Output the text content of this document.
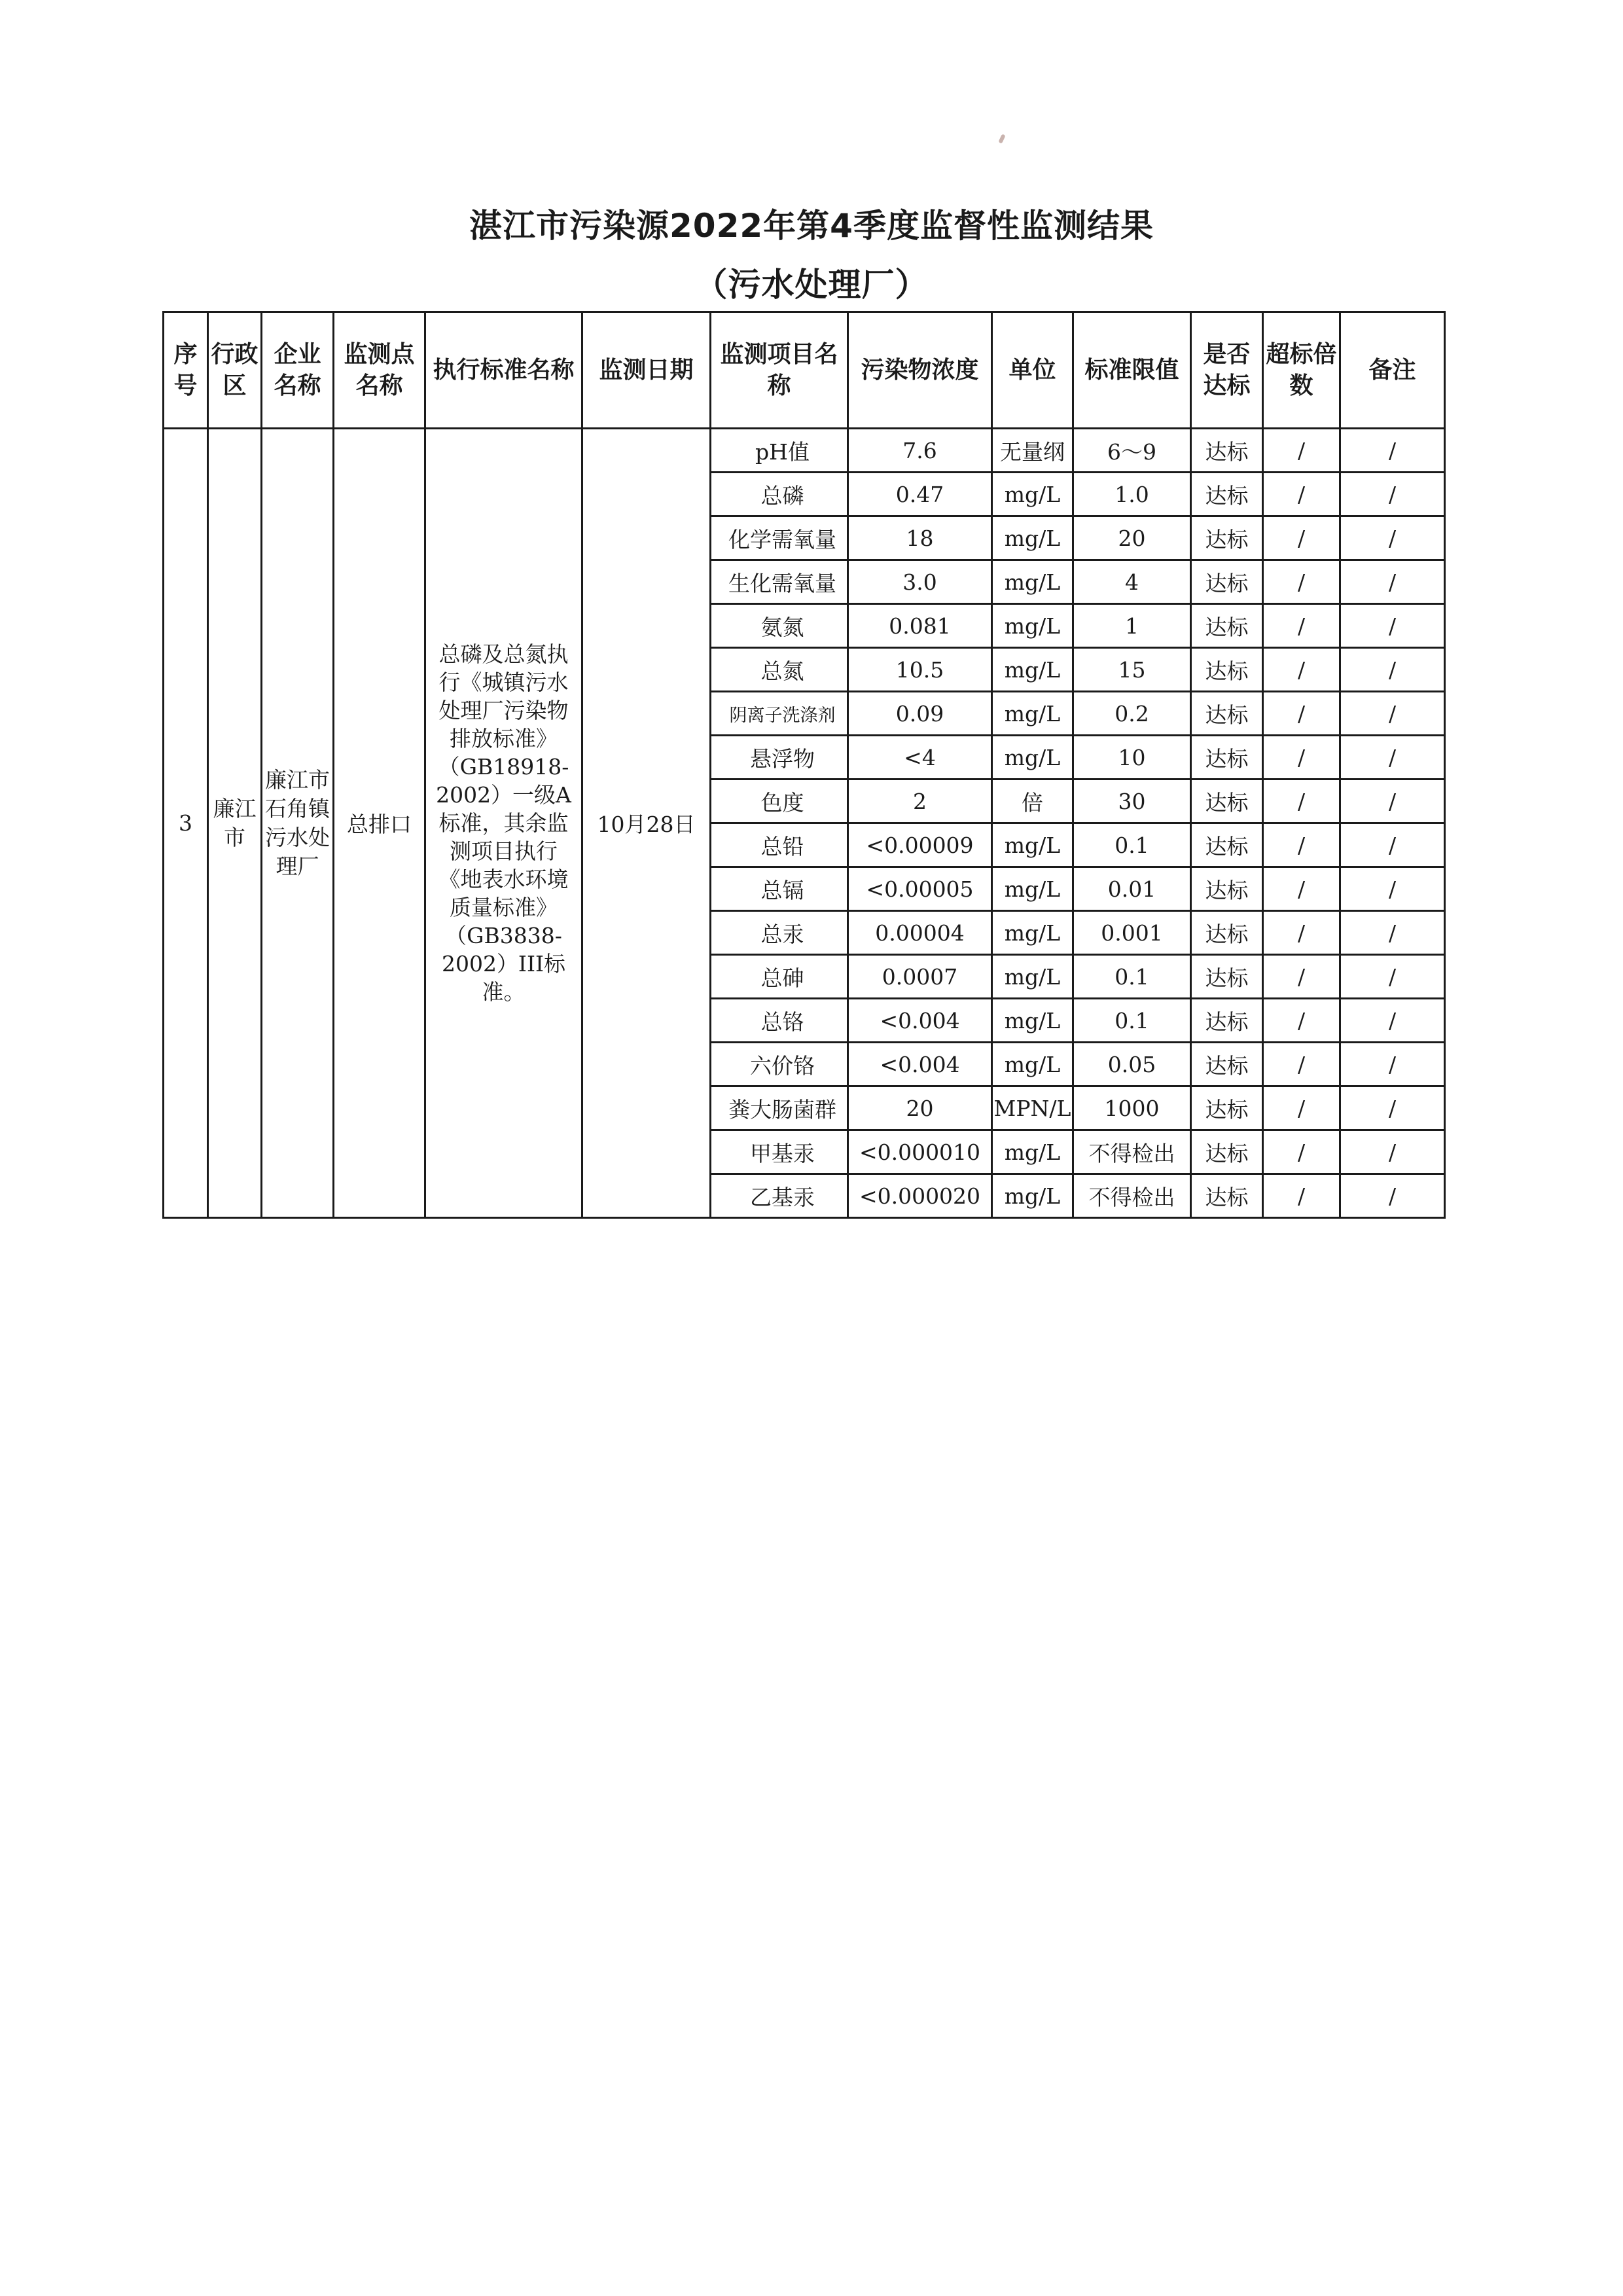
湛江市污染源2022年第4季度监督性监测结果
（污水处理厂）
序号	行政区	企业名称	监测点名称	执行标准名称	监测日期	监测项目名称	污染物浓度	单位	标准限值	是否达标	超标倍数	备注
3	廉江市	廉江市石角镇污水处理厂	总排口	总磷及总氮执行《城镇污水处理厂污染物排放标准》（GB18918-2002）一级A标准，其余监测项目执行《地表水环境质量标准》（GB3838-2002）III标准。	10月28日	pH值	7.6	无量纲	6～9	达标	/	/
						总磷	0.47	mg/L	1.0	达标	/	/
						化学需氧量	18	mg/L	20	达标	/	/
						生化需氧量	3.0	mg/L	4	达标	/	/
						氨氮	0.081	mg/L	1	达标	/	/
						总氮	10.5	mg/L	15	达标	/	/
						阴离子洗涤剂	0.09	mg/L	0.2	达标	/	/
						悬浮物	<4	mg/L	10	达标	/	/
						色度	2	倍	30	达标	/	/
						总铅	<0.00009	mg/L	0.1	达标	/	/
						总镉	<0.00005	mg/L	0.01	达标	/	/
						总汞	0.00004	mg/L	0.001	达标	/	/
						总砷	0.0007	mg/L	0.1	达标	/	/
						总铬	<0.004	mg/L	0.1	达标	/	/
						六价铬	<0.004	mg/L	0.05	达标	/	/
						粪大肠菌群	20	MPN/L	1000	达标	/	/
						甲基汞	<0.000010	mg/L	不得检出	达标	/	/
						乙基汞	<0.000020	mg/L	不得检出	达标	/	/
